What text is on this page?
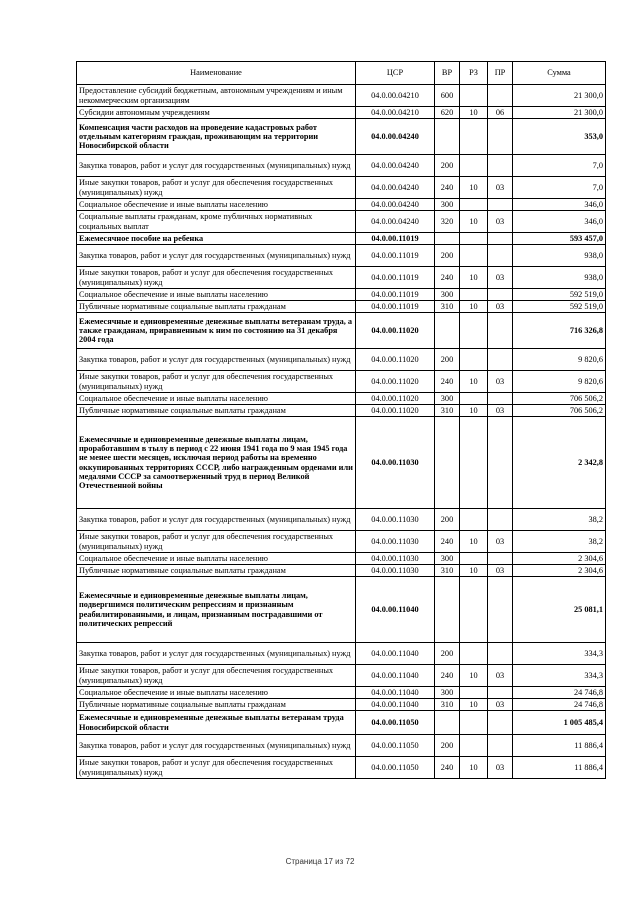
Наименование	ЦСР	ВР	РЗ	ПР	Сумма
Предоставление субсидий бюджетным, автономным учреждениям и иным некоммерческим организациям	04.0.00.04210	600			21 300,0
Субсидии автономным учреждениям	04.0.00.04210	620	10	06	21 300,0
Компенсация части расходов на проведение кадастровых работ отдельным категориям граждан, проживающим на территории Новосибирской области	04.0.00.04240				353,0
Закупка товаров, работ и услуг для государственных (муниципальных) нужд	04.0.00.04240	200			7,0
Иные закупки товаров, работ и услуг для обеспечения государственных (муниципальных) нужд	04.0.00.04240	240	10	03	7,0
Социальное обеспечение и иные выплаты населению	04.0.00.04240	300			346,0
Социальные выплаты гражданам, кроме публичных нормативных социальных выплат	04.0.00.04240	320	10	03	346,0
Ежемесячное пособие на ребенка	04.0.00.11019				593 457,0
Закупка товаров, работ и услуг для государственных (муниципальных) нужд	04.0.00.11019	200			938,0
Иные закупки товаров, работ и услуг для обеспечения государственных (муниципальных) нужд	04.0.00.11019	240	10	03	938,0
Социальное обеспечение и иные выплаты населению	04.0.00.11019	300			592 519,0
Публичные нормативные социальные выплаты гражданам	04.0.00.11019	310	10	03	592 519,0
Ежемесячные и единовременные денежные выплаты ветеранам труда, а также гражданам, приравненным к ним по состоянию на 31 декабря 2004 года	04.0.00.11020				716 326,8
Закупка товаров, работ и услуг для государственных (муниципальных) нужд	04.0.00.11020	200			9 820,6
Иные закупки товаров, работ и услуг для обеспечения государственных (муниципальных) нужд	04.0.00.11020	240	10	03	9 820,6
Социальное обеспечение и иные выплаты населению	04.0.00.11020	300			706 506,2
Публичные нормативные социальные выплаты гражданам	04.0.00.11020	310	10	03	706 506,2
Ежемесячные и единовременные денежные выплаты лицам, проработавшим в тылу в период с 22 июня 1941 года по 9 мая 1945 года не менее шести месяцев, исключая период работы на временно оккупированных территориях СССР, либо награжденным орденами или медалями СССР за самоотверженный труд в период Великой Отечественной войны	04.0.00.11030				2 342,8
Закупка товаров, работ и услуг для государственных (муниципальных) нужд	04.0.00.11030	200			38,2
Иные закупки товаров, работ и услуг для обеспечения государственных (муниципальных) нужд	04.0.00.11030	240	10	03	38,2
Социальное обеспечение и иные выплаты населению	04.0.00.11030	300			2 304,6
Публичные нормативные социальные выплаты гражданам	04.0.00.11030	310	10	03	2 304,6
Ежемесячные и единовременные денежные выплаты лицам, подвергшимся политическим репрессиям и признанным реабилитированными, и лицам, признанным пострадавшими от политических репрессий	04.0.00.11040				25 081,1
Закупка товаров, работ и услуг для государственных (муниципальных) нужд	04.0.00.11040	200			334,3
Иные закупки товаров, работ и услуг для обеспечения государственных (муниципальных) нужд	04.0.00.11040	240	10	03	334,3
Социальное обеспечение и иные выплаты населению	04.0.00.11040	300			24 746,8
Публичные нормативные социальные выплаты гражданам	04.0.00.11040	310	10	03	24 746,8
Ежемесячные и единовременные денежные выплаты ветеранам труда Новосибирской области	04.0.00.11050				1 005 485,4
Закупка товаров, работ и услуг для государственных (муниципальных) нужд	04.0.00.11050	200			11 886,4
Иные закупки товаров, работ и услуг для обеспечения государственных (муниципальных) нужд	04.0.00.11050	240	10	03	11 886,4
Страница 17 из 72
